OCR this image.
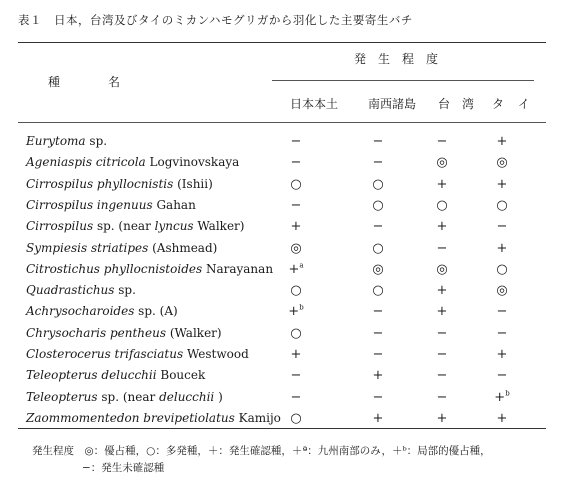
表１　日本，台湾及びタイのミカンハモグリガから羽化した主要寄生バチ
発生程度
種	名
日本本土 南西諸島 台湾 タイ
Eurytoma sp.	−	−	−	+
Ageniaspis citricola Logvinovskaya	−	−	◎	◎
Cirrospilus phyllocnistis (Ishii)	○	○	+	+
Cirrospilus ingenuus Gahan	−	○	○	○
Cirrospilus sp. (near lyncus Walker)	+	−	+	−
Sympiesis striatipes (Ashmead)	◎	○	−	+
Citrostichus phyllocnistoides Narayanan	+$^a$	◎	◎	○
Quadrastichus sp.	○	○	+	◎
Achrysocharoides sp. (A)	+$^b$	−	+	−
Chrysocharis pentheus (Walker)	○	−	−	−
Closterocerus trifasciatus Westwood	+	−	−	+
Teleopterus delucchii Boucek	−	+	−	−
Teleopterus sp. (near delucchii )	−	−	−	+$^b$
Zaommomentedon brevipetiolatus Kamijo ○	+	+	+
発生程度　◎：優占種，○：多発種，＋：発生確認種，＋ª：九州南部のみ，＋ᵇ：局部的優占種，
−：発生未確認種
